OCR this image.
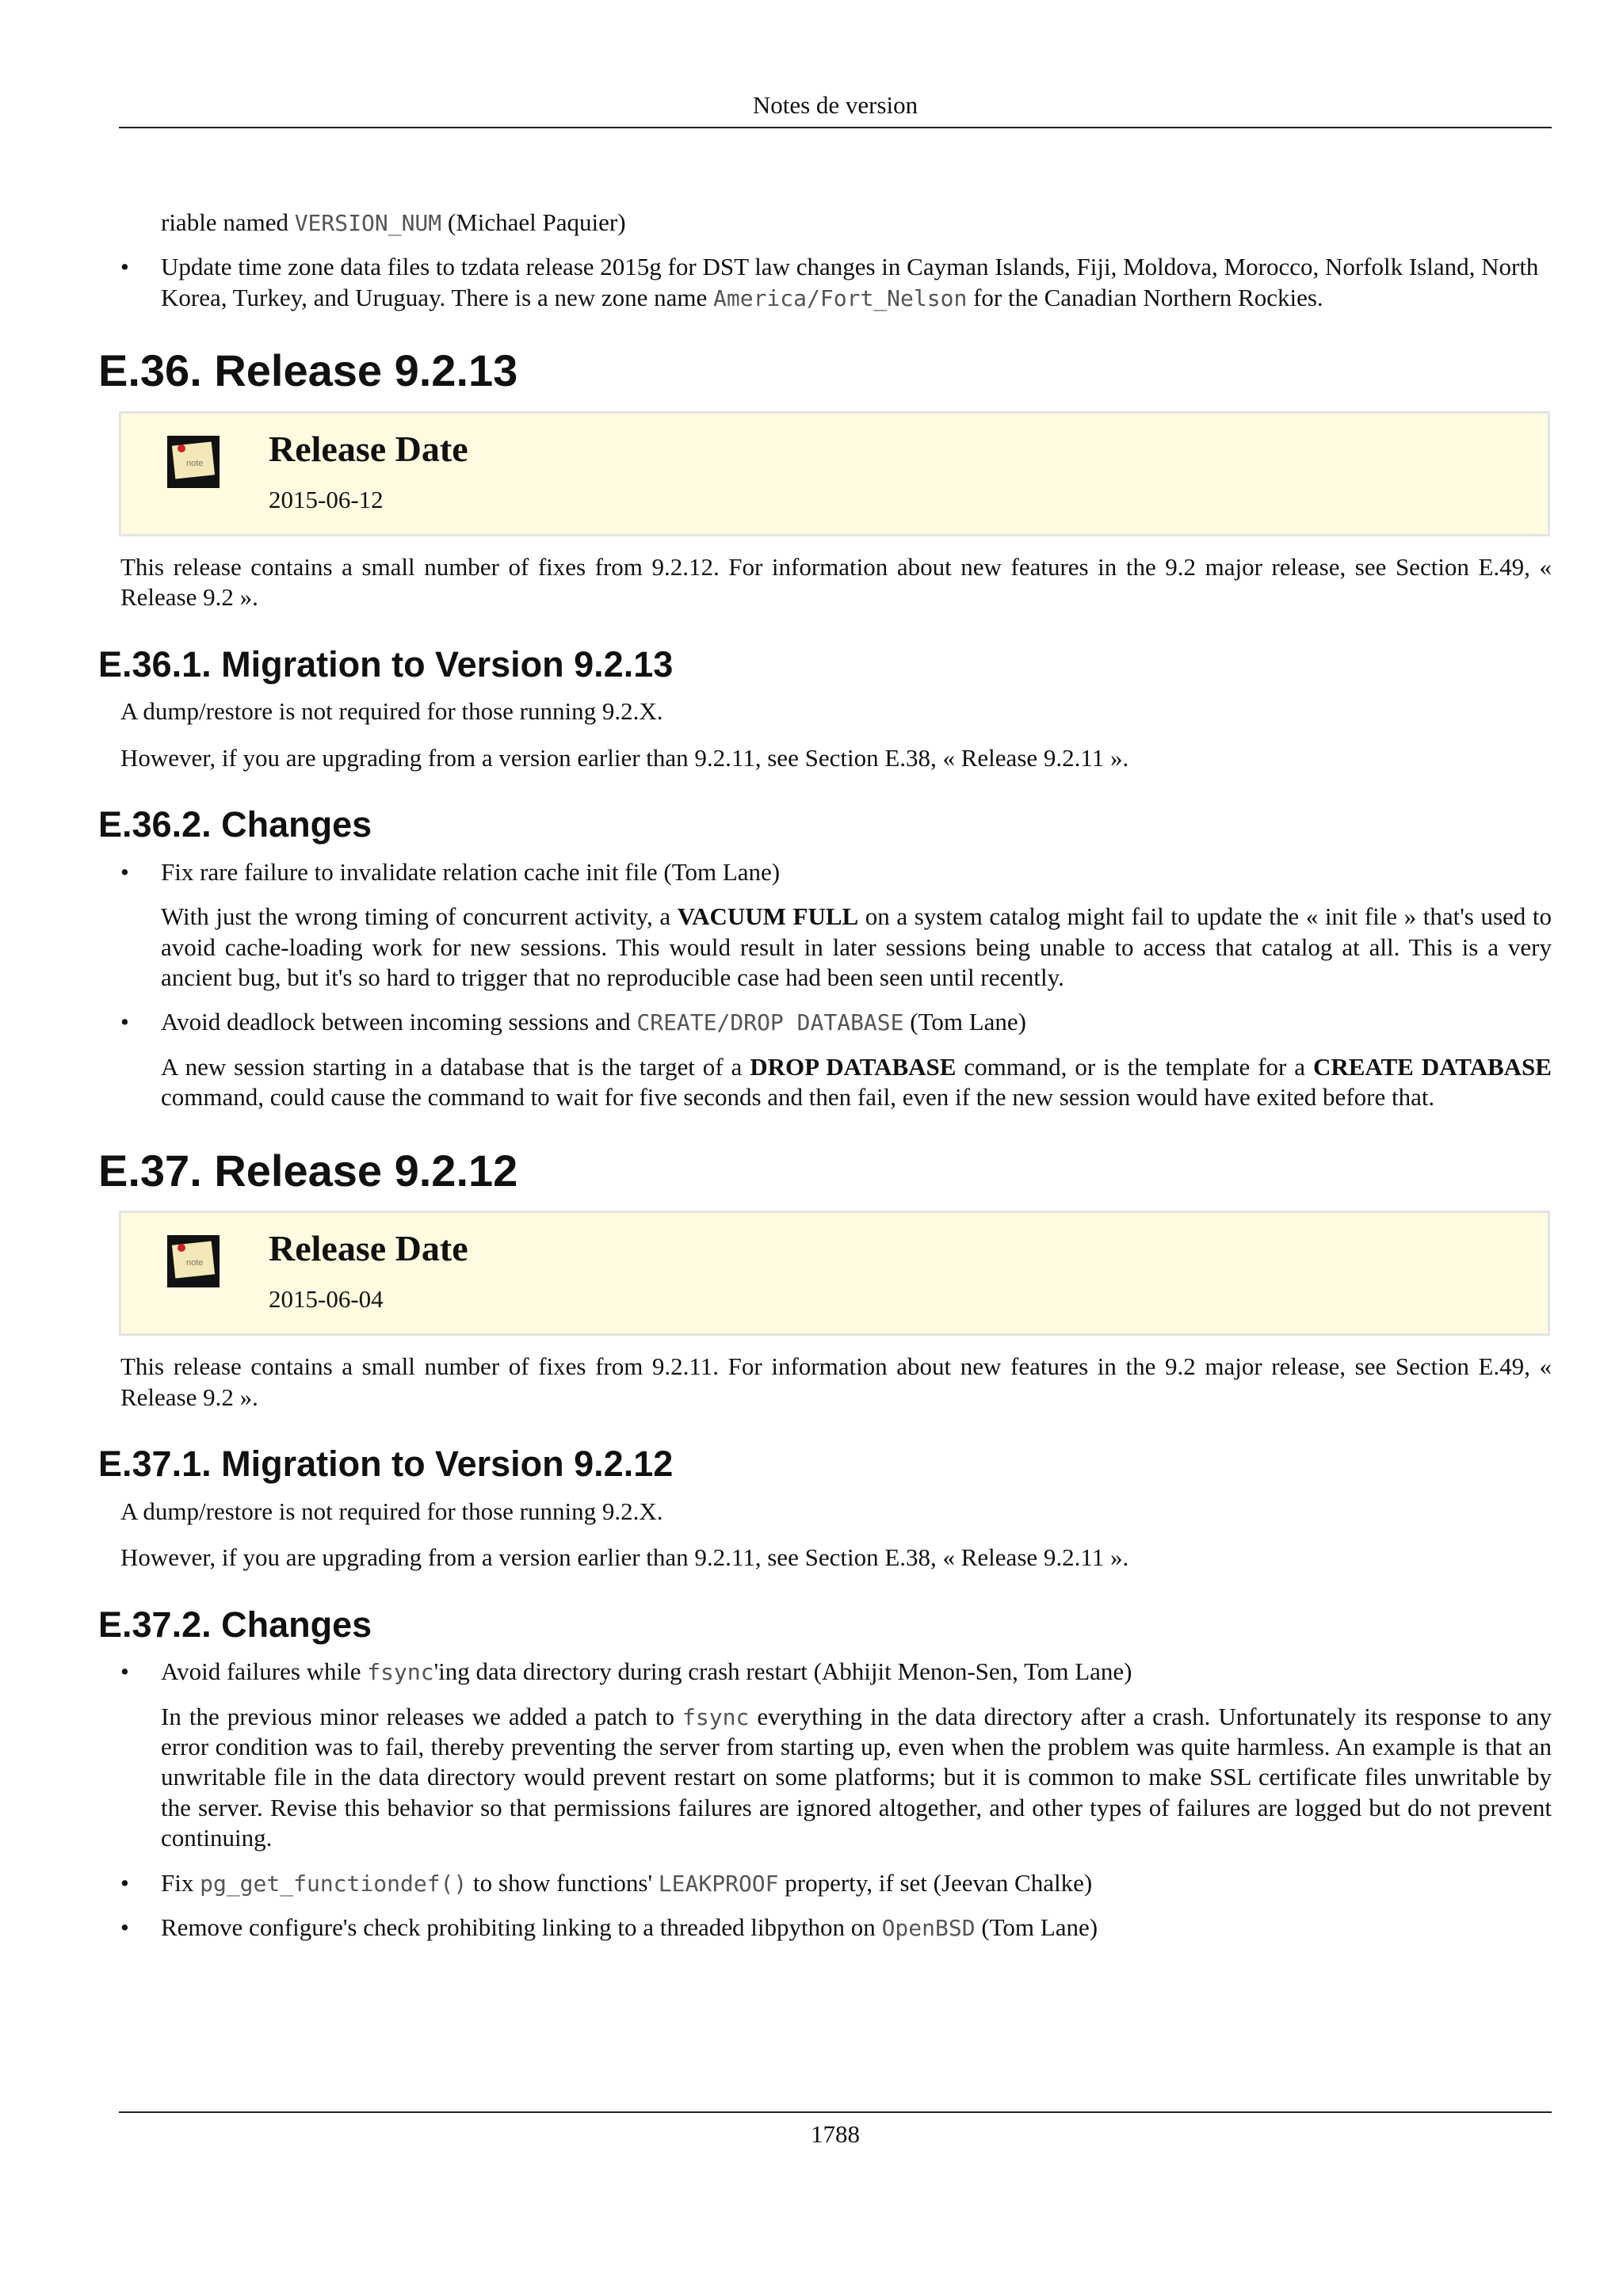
Notes de version

riable named VERSION_NUM (Michael Paquier)

• Update time zone data files to tzdata release 2015g for DST law changes in Cayman Islands, Fiji, Moldova, Morocco, Norfolk Island, North Korea, Turkey, and Uruguay. There is a new zone name America/Fort_Nelson for the Canadian Northern Rockies.
E.36. Release 9.2.13
note Release Date
2015-06-12

This release contains a small number of fixes from 9.2.12. For information about new features in the 9.2 major release, see Section E.49, « Release 9.2 ».

E.36.1. Migration to Version 9.2.13

A dump/restore is not required for those running 9.2.X.

However, if you are upgrading from a version earlier than 9.2.11, see Section E.38, « Release 9.2.11 ».

E.36.2. Changes
• Fix rare failure to invalidate relation cache init file (Tom Lane)
With just the wrong timing of concurrent activity, a VACUUM FULL on a system catalog might fail to update the « init file » that's used to avoid cache-loading work for new sessions. This would result in later sessions being unable to access that catalog at all. This is a very ancient bug, but it's so hard to trigger that no reproducible case had been seen until recently.
• Avoid deadlock between incoming sessions and CREATE/DROP DATABASE (Tom Lane)
A new session starting in a database that is the target of a DROP DATABASE command, or is the template for a CREATE DATABASE command, could cause the command to wait for five seconds and then fail, even if the new session would have exited before that.
E.37. Release 9.2.12
note Release Date
2015-06-04

This release contains a small number of fixes from 9.2.11. For information about new features in the 9.2 major release, see Section E.49, « Release 9.2 ».

E.37.1. Migration to Version 9.2.12

A dump/restore is not required for those running 9.2.X.

However, if you are upgrading from a version earlier than 9.2.11, see Section E.38, « Release 9.2.11 ».

E.37.2. Changes
• Avoid failures while fsync'ing data directory during crash restart (Abhijit Menon-Sen, Tom Lane)
In the previous minor releases we added a patch to fsync everything in the data directory after a crash. Unfortunately its response to any error condition was to fail, thereby preventing the server from starting up, even when the problem was quite harmless. An example is that an unwritable file in the data directory would prevent restart on some platforms; but it is common to make SSL certificate files unwritable by the server. Revise this behavior so that permissions failures are ignored altogether, and other types of failures are logged but do not prevent continuing.
• Fix pg_get_functiondef() to show functions' LEAKPROOF property, if set (Jeevan Chalke)
• Remove configure's check prohibiting linking to a threaded libpython on OpenBSD (Tom Lane)
1788
